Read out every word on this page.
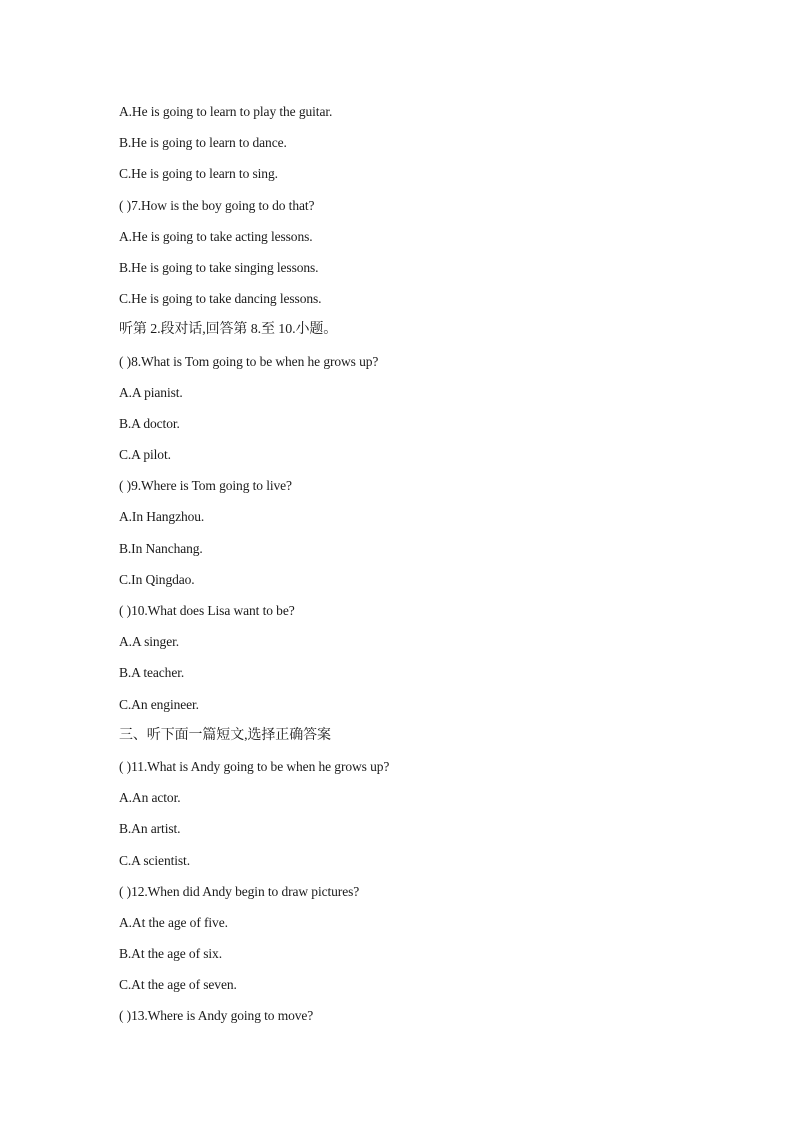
A.He is going to learn to play the guitar.
B.He is going to learn to dance.
C.He is going to learn to sing.
( )7.How is the boy going to do that?
A.He is going to take acting lessons.
B.He is going to take singing lessons.
C.He is going to take dancing lessons.
听第 2.段对话,回答第 8.至 10.小题。
( )8.What is Tom going to be when he grows up?
A.A pianist.
B.A doctor.
C.A pilot.
( )9.Where is Tom going to live?
A.In Hangzhou.
B.In Nanchang.
C.In Qingdao.
( )10.What does Lisa want to be?
A.A singer.
B.A teacher.
C.An engineer.
三、听下面一篇短文,选择正确答案
( )11.What is Andy going to be when he grows up?
A.An actor.
B.An artist.
C.A scientist.
( )12.When did Andy begin to draw pictures?
A.At the age of five.
B.At the age of six.
C.At the age of seven.
( )13.Where is Andy going to move?
